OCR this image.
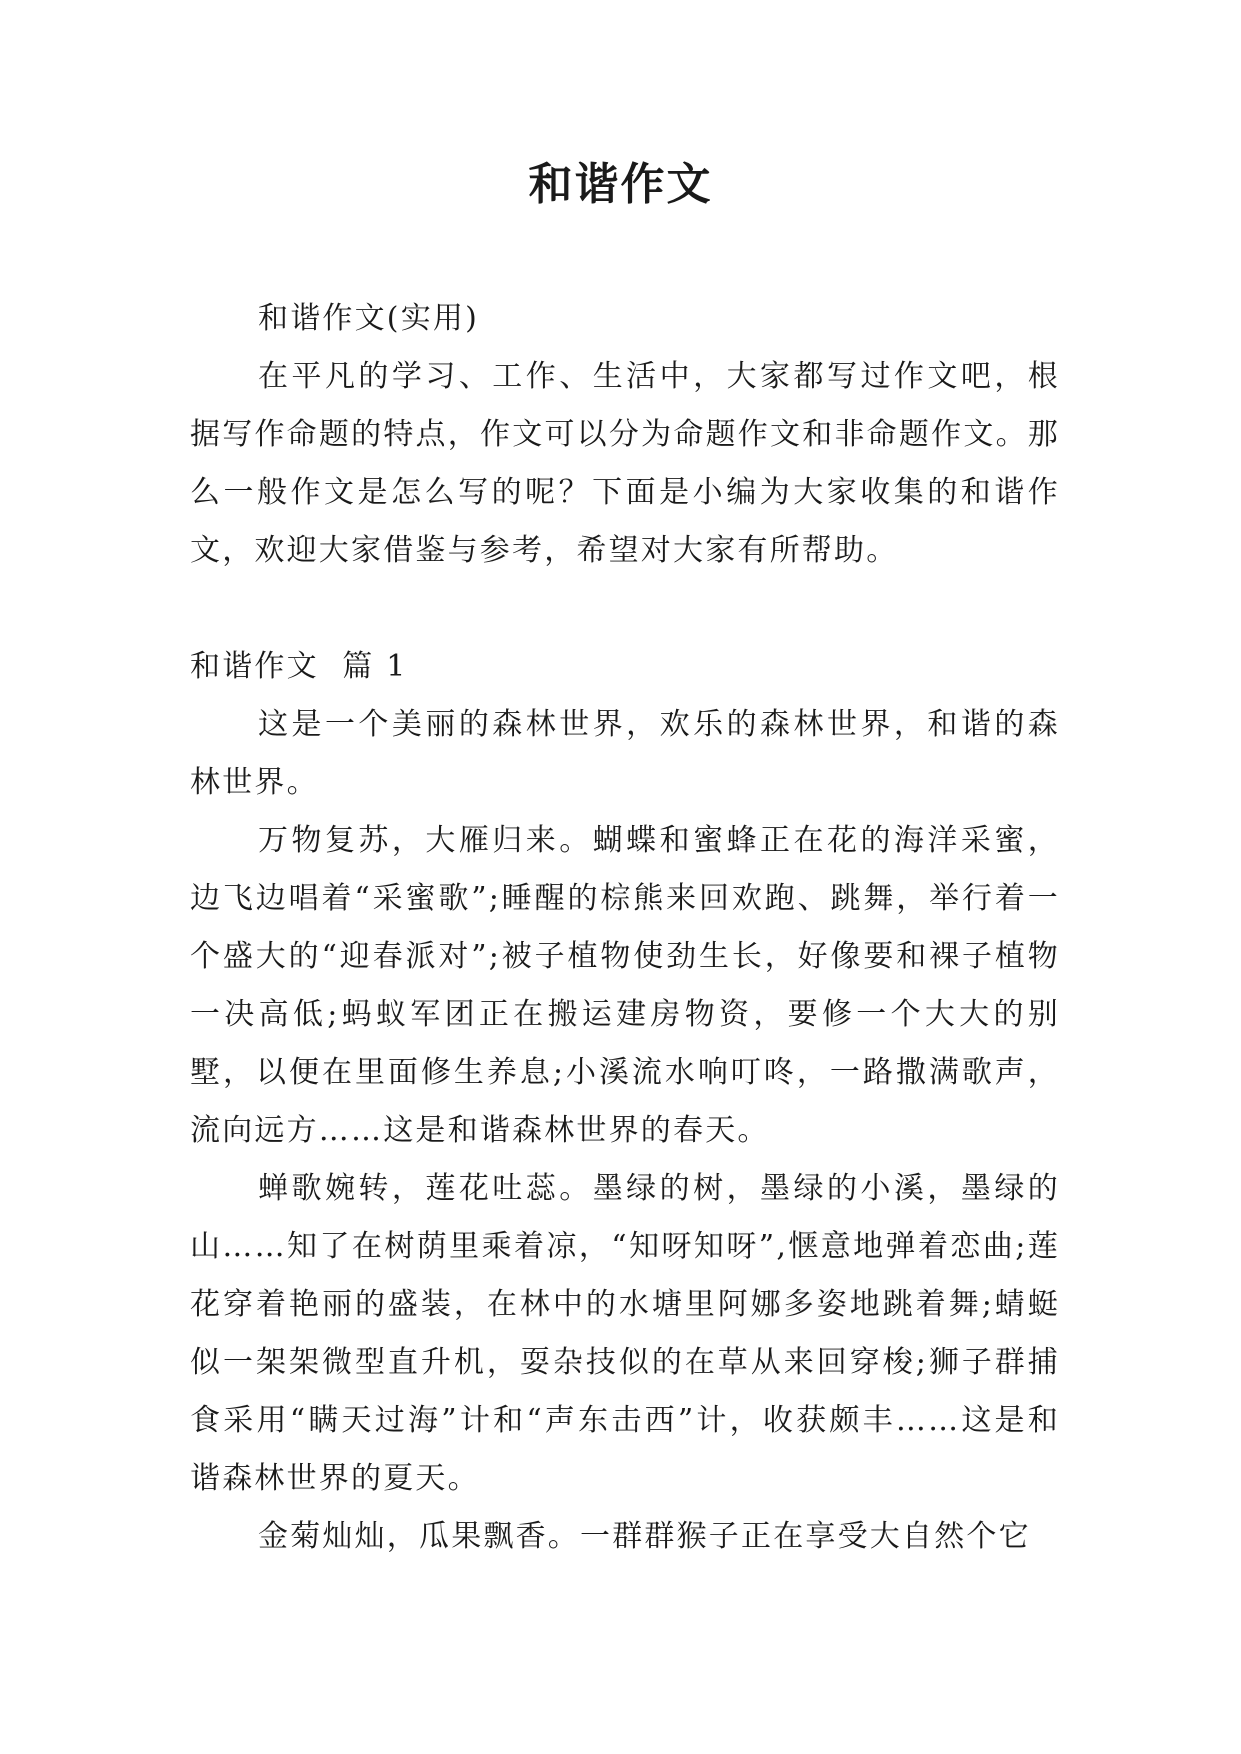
和谐作文

和谐作文(实用)

在平凡的学习、工作、生活中，大家都写过作文吧，根据写作命题的特点，作文可以分为命题作文和非命题作文。那么一般作文是怎么写的呢？下面是小编为大家收集的和谐作文，欢迎大家借鉴与参考，希望对大家有所帮助。

和谐作文  篇 1

这是一个美丽的森林世界，欢乐的森林世界，和谐的森林世界。

万物复苏，大雁归来。蝴蝶和蜜蜂正在花的海洋采蜜，边飞边唱着“采蜜歌”;睡醒的棕熊来回欢跑、跳舞，举行着一个盛大的“迎春派对”;被子植物使劲生长，好像要和裸子植物一决高低;蚂蚁军团正在搬运建房物资，要修一个大大的别墅，以便在里面修生养息;小溪流水响叮咚，一路撒满歌声，流向远方……这是和谐森林世界的春天。

蝉歌婉转，莲花吐蕊。墨绿的树，墨绿的小溪，墨绿的山……知了在树荫里乘着凉，“知呀知呀”,惬意地弹着恋曲;莲花穿着艳丽的盛装，在林中的水塘里阿娜多姿地跳着舞;蜻蜓似一架架微型直升机，耍杂技似的在草从来回穿梭;狮子群捕食采用“瞒天过海”计和“声东击西”计，收获颇丰……这是和谐森林世界的夏天。

金菊灿灿，瓜果飘香。一群群猴子正在享受大自然个它
